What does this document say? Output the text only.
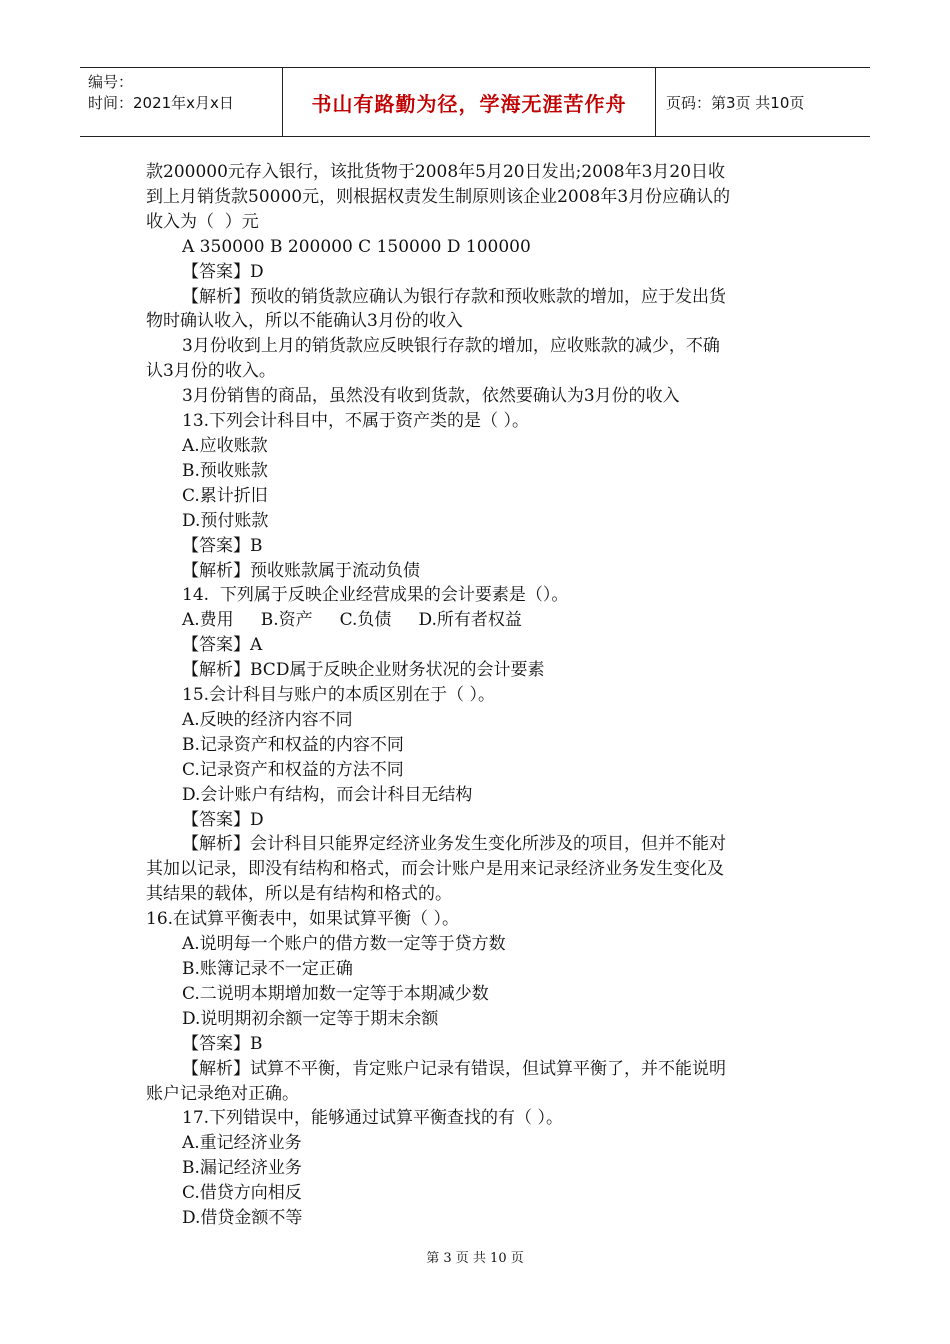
编号：
时间：2021年x月x日	书山有路勤为径，学海无涯苦作舟	页码：第3页 共10页

款200000元存入银行，该批货物于2008年5月20日发出;2008年3月20日收

到上月销货款50000元，则根据权责发生制原则该企业2008年3月份应确认的

收入为（  ）元

A 350000 B 200000 C 150000 D 100000

【答案】D

【解析】预收的销货款应确认为银行存款和预收账款的增加，应于发出货

物时确认收入，所以不能确认3月份的收入

3月份收到上月的销货款应反映银行存款的增加，应收账款的减少，不确

认3月份的收入。

3月份销售的商品，虽然没有收到货款，依然要确认为3月份的收入

13.下列会计科目中，不属于资产类的是（ ）。

A.应收账款

B.预收账款

C.累计折旧

D.预付账款

【答案】B

【解析】预收账款属于流动负债

14.  下列属于反映企业经营成果的会计要素是（）。

A.费用     B.资产     C.负债     D.所有者权益

【答案】A

【解析】BCD属于反映企业财务状况的会计要素

15.会计科目与账户的本质区别在于（ ）。

A.反映的经济内容不同

B.记录资产和权益的内容不同

C.记录资产和权益的方法不同

D.会计账户有结构，而会计科目无结构

【答案】D

【解析】会计科目只能界定经济业务发生变化所涉及的项目，但并不能对

其加以记录，即没有结构和格式，而会计账户是用来记录经济业务发生变化及

其结果的载体，所以是有结构和格式的。

16.在试算平衡表中，如果试算平衡（ ）。

A.说明每一个账户的借方数一定等于贷方数

B.账簿记录不一定正确

C.二说明本期增加数一定等于本期减少数

D.说明期初余额一定等于期末余额

【答案】B

【解析】试算不平衡，肯定账户记录有错误，但试算平衡了，并不能说明

账户记录绝对正确。

17.下列错误中，能够通过试算平衡查找的有（ ）。

A.重记经济业务

B.漏记经济业务

C.借贷方向相反

D.借贷金额不等

第 3 页 共 10 页
